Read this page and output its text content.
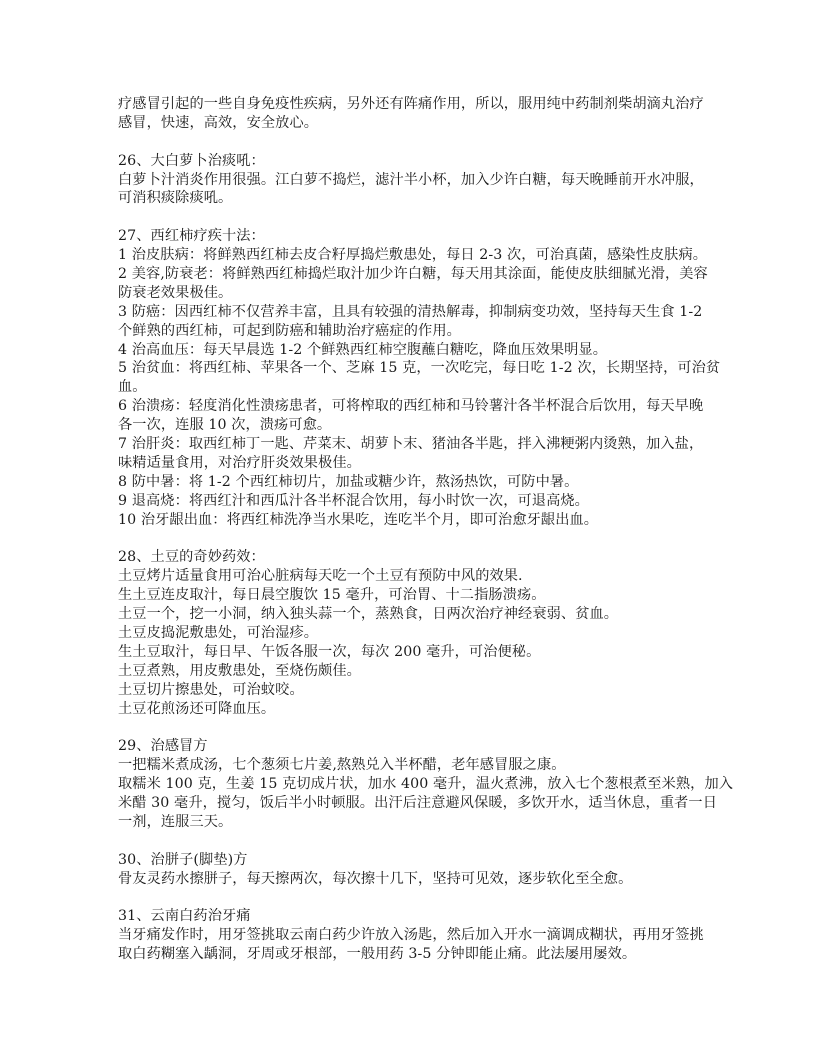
疗感冒引起的一些自身免疫性疾病，另外还有阵痛作用，所以，服用纯中药制剂柴胡滴丸治疗
感冒，快速，高效，安全放心。
26、大白萝卜治痰吼：
白萝卜汁消炎作用很强。江白萝不捣烂，滤汁半小杯，加入少许白糖，每天晚睡前开水冲服，
可消积痰除痰吼。
27、西红柿疗疾十法：
1 治皮肤病：将鲜熟西红柿去皮合籽厚捣烂敷患处，每日 2-3 次，可治真菌，感染性皮肤病。
2 美容,防衰老：将鲜熟西红柿捣烂取汁加少许白糖，每天用其涂面，能使皮肤细腻光滑，美容
防衰老效果极佳。
3 防癌：因西红柿不仅营养丰富，且具有较强的清热解毒，抑制病变功效，坚持每天生食 1-2
个鲜熟的西红柿，可起到防癌和辅助治疗癌症的作用。
4 治高血压：每天早晨选 1-2 个鲜熟西红柿空腹蘸白糖吃，降血压效果明显。
5 治贫血：将西红柿、苹果各一个、芝麻 15 克，一次吃完，每日吃 1-2 次，长期坚持，可治贫
血。
6 治溃疡：轻度消化性溃疡患者，可将榨取的西红柿和马铃薯汁各半杯混合后饮用，每天早晚
各一次，连服 10 次，溃疡可愈。
7 治肝炎：取西红柿丁一匙、芹菜末、胡萝卜末、猪油各半匙，拌入沸粳粥内烫熟，加入盐，
味精适量食用，对治疗肝炎效果极佳。
8 防中暑：将 1-2 个西红柿切片，加盐或糖少许，熬汤热饮，可防中暑。
9 退高烧：将西红汁和西瓜汁各半杯混合饮用，每小时饮一次，可退高烧。
10 治牙龈出血：将西红柿洗净当水果吃，连吃半个月，即可治愈牙龈出血。
28、土豆的奇妙药效：
土豆烤片适量食用可治心脏病每天吃一个土豆有预防中风的效果.
生土豆连皮取汁，每日晨空腹饮 15 毫升，可治胃、十二指肠溃疡。
土豆一个，挖一小洞，纳入独头蒜一个，蒸熟食，日两次治疗神经衰弱、贫血。
土豆皮捣泥敷患处，可治湿疹。
生土豆取汁，每日早、午饭各服一次，每次 200 毫升，可治便秘。
土豆煮熟，用皮敷患处，至烧伤颇佳。
土豆切片擦患处，可治蚊咬。
土豆花煎汤还可降血压。
29、治感冒方
一把糯米煮成汤，七个葱须七片姜,熬熟兑入半杯醋，老年感冒服之康。
取糯米 100 克，生姜 15 克切成片状，加水 400 毫升，温火煮沸，放入七个葱根煮至米熟，加入
米醋 30 毫升，搅匀，饭后半小时顿服。出汗后注意避风保暖，多饮开水，适当休息，重者一日
一剂，连服三天。
30、治胼子(脚垫)方
骨友灵药水擦胼子，每天擦两次，每次擦十几下，坚持可见效，逐步软化至全愈。
31、云南白药治牙痛
当牙痛发作时，用牙签挑取云南白药少许放入汤匙，然后加入开水一滴调成糊状，再用牙签挑
取白药糊塞入龋洞，牙周或牙根部，一般用药 3-5 分钟即能止痛。此法屡用屡效。
